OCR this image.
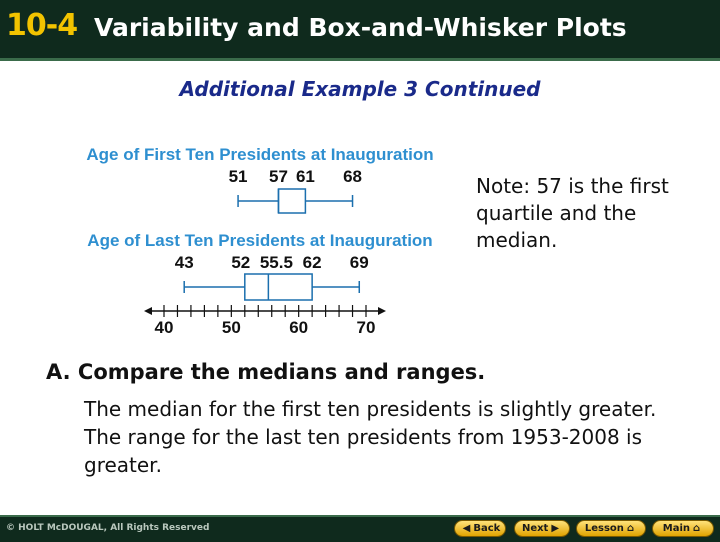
10-4 Variability and Box-and-Whisker Plots
Additional Example 3 Continued
Age of First Ten Presidents at Inauguration
51 57 61 68
Age of Last Ten Presidents at Inauguration
43 52 55.5 62 69
40	50	60	70
Note: 57 is the first quartile and the median.
A. Compare the medians and ranges.
The median for the first ten presidents is slightly greater. The range for the last ten presidents from 1953-2008 is greater.
© HOLT McDOUGAL, All Rights Reserved	◀ Back Next ▶	Lesson ⌂	Main ⌂
